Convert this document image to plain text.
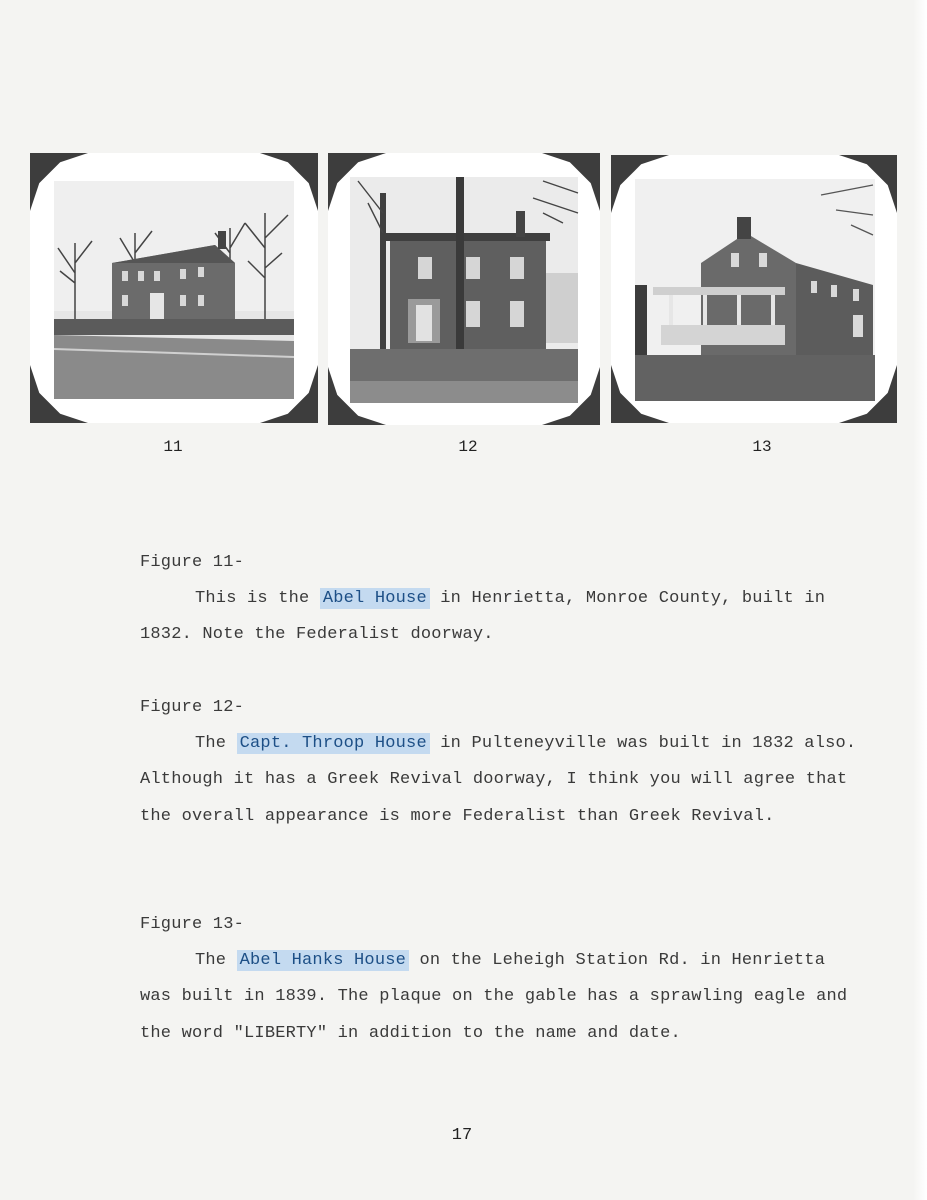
11	12	13

Figure 11-

This is the Abel House in Henrietta, Monroe County, built in 1832. Note the Federalist doorway.

Figure 12-

The Capt. Throop House in Pulteneyville was built in 1832 also. Although it has a Greek Revival doorway, I think you will agree that the overall appearance is more Federalist than Greek Revival.

Figure 13-

The Abel Hanks House on the Leheigh Station Rd. in Henrietta was built in 1839. The plaque on the gable has a sprawling eagle and the word "LIBERTY" in addition to the name and date.

17
